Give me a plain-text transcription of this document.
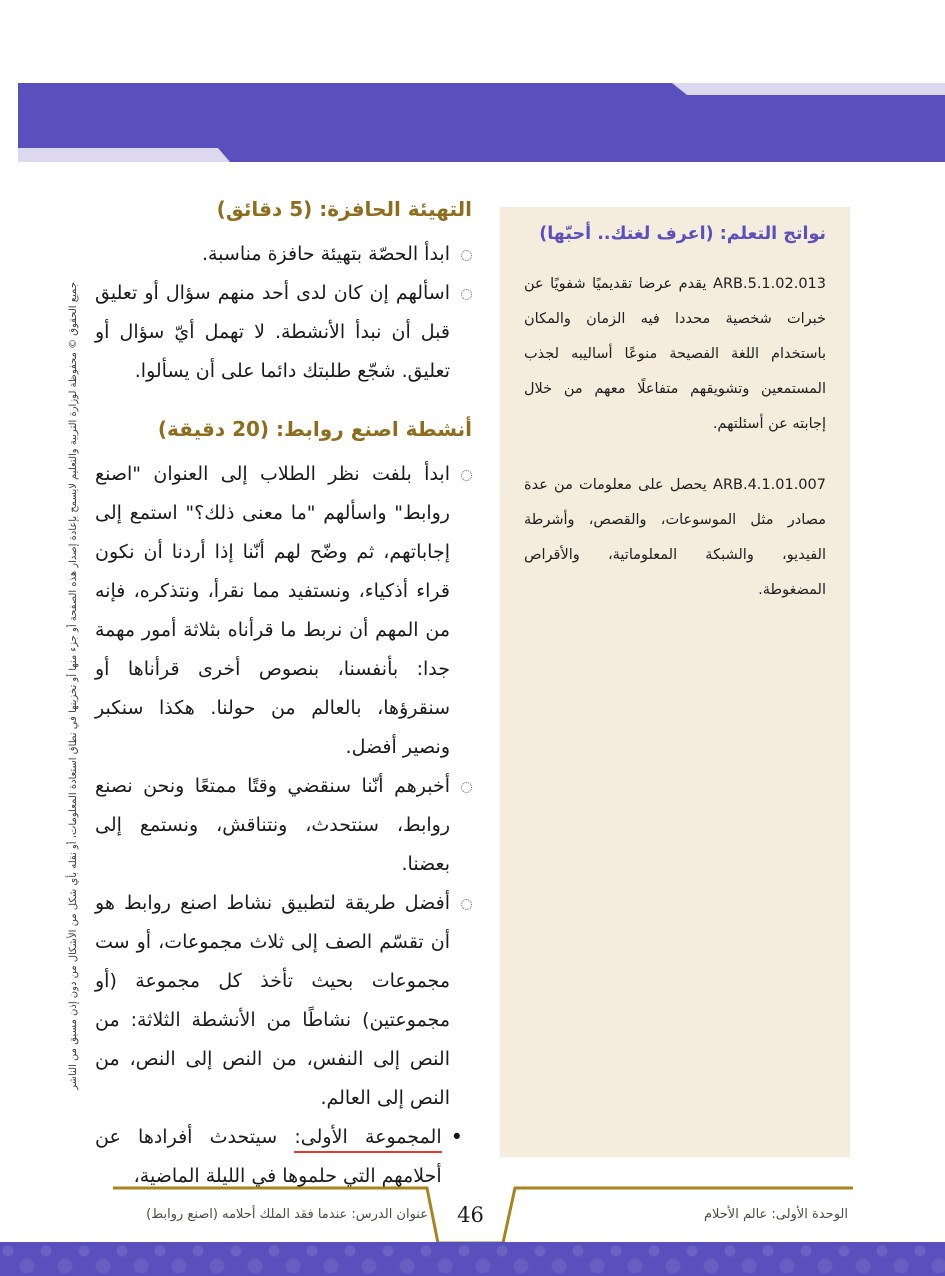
جميع الحقوق © محفوظة لوزارة التربية والتعليم لايسمح بإعادة إصدار هذه الصفحة أو جزء منها أو تخزينها في نطاق استعادة المعلومات، أو نقله بأي شكل من الأشكال من دون إذن مسبق من الناشر
التهيئة الحافزة: (5 دقائق)

ابدأ الحصّة بتهيئة حافزة مناسبة.

اسألهم إن كان لدى أحد منهم سؤال أو تعليق قبل أن نبدأ الأنشطة. لا تهمل أيّ سؤال أو تعليق. شجّع طلبتك دائما على أن يسألوا.

أنشطة اصنع روابط: (20 دقيقة)

ابدأ بلفت نظر الطلاب إلى العنوان "اصنع روابط" واسألهم "ما معنى ذلك؟" استمع إلى إجاباتهم، ثم وضّح لهم أنّنا إذا أردنا أن نكون قراء أذكياء، ونستفيد مما نقرأ، ونتذكره، فإنه من المهم أن نربط ما قرأناه بثلاثة أمور مهمة جدا: بأنفسنا، بنصوص أخرى قرأناها أو سنقرؤها، بالعالم من حولنا. هكذا سنكبر ونصير أفضل.

أخبرهم أنّنا سنقضي وقتًا ممتعًا ونحن نصنع روابط، سنتحدث، ونتناقش، ونستمع إلى بعضنا.

أفضل طريقة لتطبيق نشاط اصنع روابط هو أن تقسّم الصف إلى ثلاث مجموعات، أو ست مجموعات بحيث تأخذ كل مجموعة (أو مجموعتين) نشاطًا من الأنشطة الثلاثة: من النص إلى النفس، من النص إلى النص، من النص إلى العالم.

•

المجموعة الأولى: سيتحدث أفرادها عن أحلامهم التي حلموها في الليلة الماضية،

نواتج التعلم: (اعرف لغتك.. أحبّها)

ARB.5.1.02.013 يقدم عرضا تقديميًا شفويًا عن خبرات شخصية محددا فيه الزمان والمكان باستخدام اللغة الفصيحة منوعًا أساليبه لجذب المستمعين وتشويقهم متفاعلًا معهم من خلال إجابته عن أسئلتهم.

ARB.4.1.01.007 يحصل على معلومات من عدة مصادر مثل الموسوعات، والقصص، وأشرطة الفيديو، والشبكة المعلوماتية، والأقراص المضغوطة.

46
عنوان الدرس: عندما فقد الملك أحلامه (اصنع روابط)	الوحدة الأولى: عالم الأحلام
